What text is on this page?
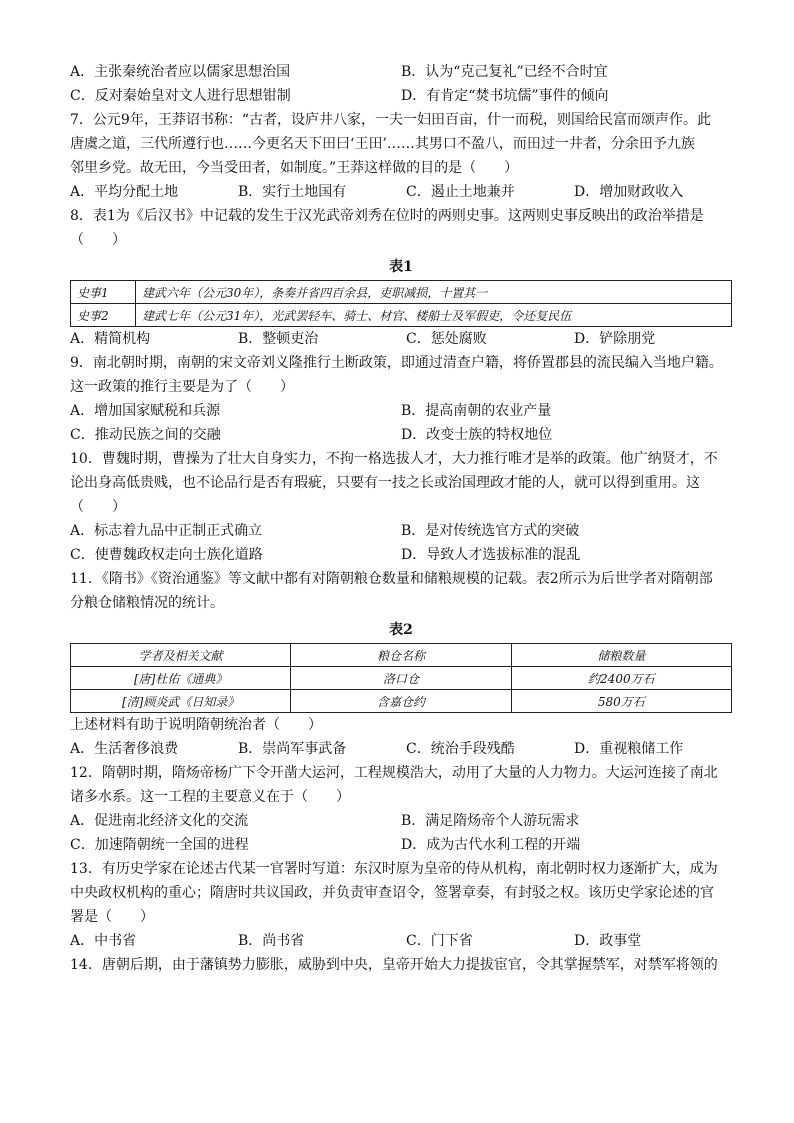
A．主张秦统治者应以儒家思想治国	B．认为“克己复礼”已经不合时宜
C．反对秦始皇对文人进行思想钳制	D．有肯定“焚书坑儒”事件的倾向
7．公元9年，王莽诏书称：“古者，设庐井八家，一夫一妇田百亩，什一而税，则国给民富而颂声作。此
唐虞之道，三代所遵行也……今更名天下田曰‘王田’……其男口不盈八，而田过一井者，分余田予九族
邻里乡党。故无田，今当受田者，如制度。”王莽这样做的目的是（　　）
A．平均分配土地	B．实行土地国有	C．遏止土地兼并	D．增加财政收入
8．表1为《后汉书》中记载的发生于汉光武帝刘秀在位时的两则史事。这两则史事反映出的政治举措是
（　　）
表1
史事1	建武六年（公元30年），条奏并省四百余县，吏职减损，十置其一
史事2	建武七年（公元31年），光武罢轻车、骑士、材官、楼船士及军假吏，令还复民伍
A．精简机构	B．整顿吏治	C．惩处腐败	D．铲除朋党
9．南北朝时期，南朝的宋文帝刘义隆推行土断政策，即通过清查户籍，将侨置郡县的流民编入当地户籍。
这一政策的推行主要是为了（　　）
A．增加国家赋税和兵源	B．提高南朝的农业产量
C．推动民族之间的交融	D．改变士族的特权地位
10．曹魏时期，曹操为了壮大自身实力，不拘一格选拔人才，大力推行唯才是举的政策。他广纳贤才，不
论出身高低贵贱，也不论品行是否有瑕疵，只要有一技之长或治国理政才能的人，就可以得到重用。这
（　　）
A．标志着九品中正制正式确立	B．是对传统选官方式的突破
C．使曹魏政权走向士族化道路	D．导致人才选拔标准的混乱
11．《隋书》《资治通鉴》等文献中都有对隋朝粮仓数量和储粮规模的记载。表2所示为后世学者对隋朝部
分粮仓储粮情况的统计。
表2
学者及相关文献	粮仓名称	储粮数量
[唐]杜佑《通典》	洛口仓	约2400万石
[清]顾炎武《日知录》	含嘉仓约	580万石
上述材料有助于说明隋朝统治者（　　）
A．生活奢侈浪费	B．崇尚军事武备	C．统治手段残酷	D．重视粮储工作
12．隋朝时期，隋炀帝杨广下令开凿大运河，工程规模浩大，动用了大量的人力物力。大运河连接了南北
诸多水系。这一工程的主要意义在于（　　）
A．促进南北经济文化的交流	B．满足隋炀帝个人游玩需求
C．加速隋朝统一全国的进程	D．成为古代水利工程的开端
13．有历史学家在论述古代某一官署时写道：东汉时原为皇帝的侍从机构，南北朝时权力逐渐扩大，成为
中央政权机构的重心；隋唐时共议国政，并负责审查诏令，签署章奏，有封驳之权。该历史学家论述的官
署是（　　）
A．中书省	B．尚书省	C．门下省	D．政事堂
14．唐朝后期，由于藩镇势力膨胀，威胁到中央，皇帝开始大力提拔宦官，令其掌握禁军，对禁军将领的
